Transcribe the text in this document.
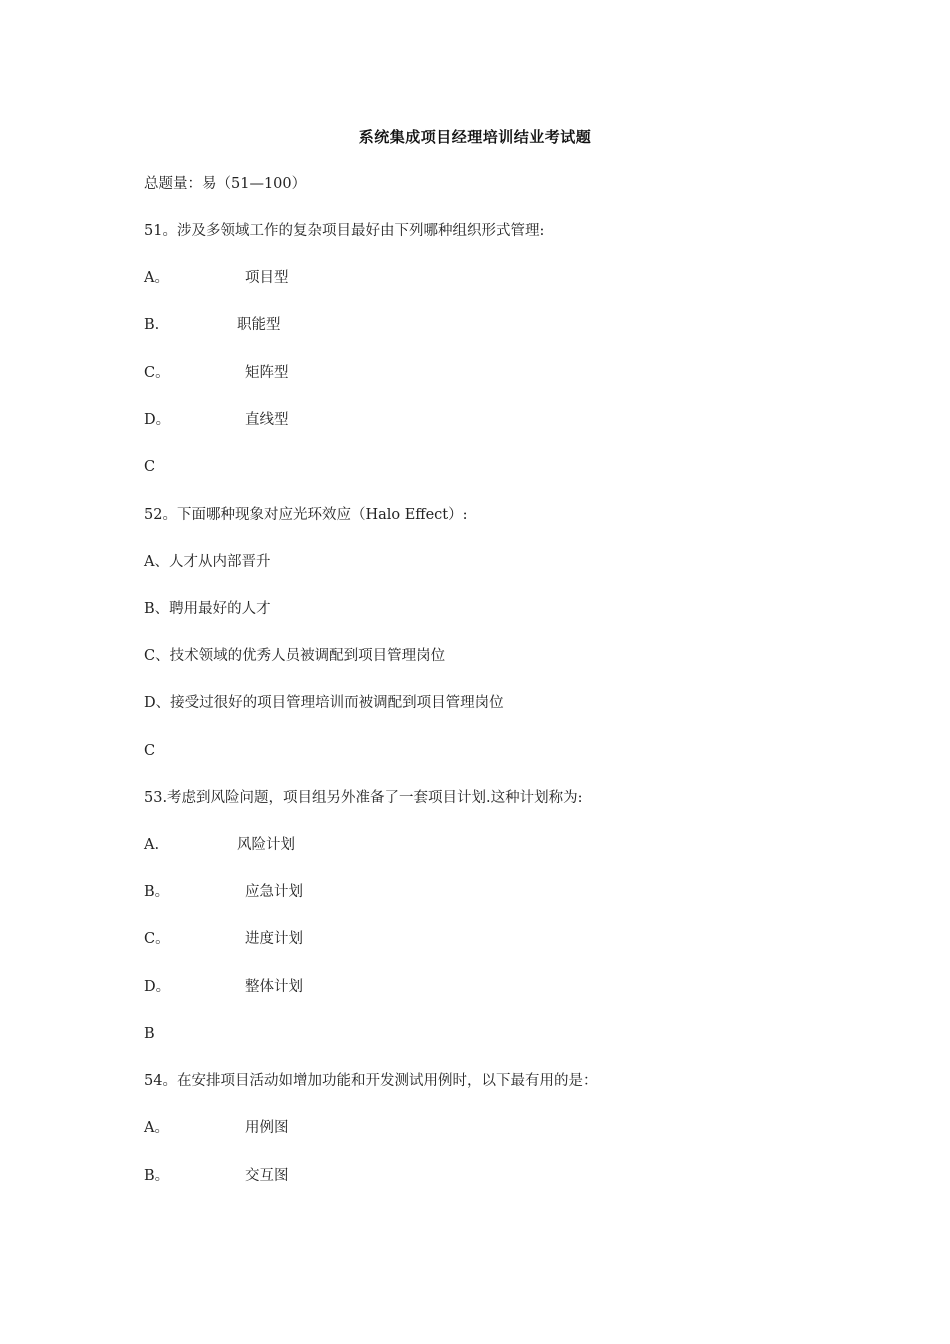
系统集成项目经理培训结业考试题
总题量：易（51—100）
51。涉及多领域工作的复杂项目最好由下列哪种组织形式管理:
A。	项目型
B.	职能型
C。	矩阵型
D。	直线型
C
52。下面哪种现象对应光环效应（Halo Effect）:
A、人才从内部晋升
B、聘用最好的人才
C、技术领域的优秀人员被调配到项目管理岗位
D、接受过很好的项目管理培训而被调配到项目管理岗位
C
53.考虑到风险问题，项目组另外准备了一套项目计划.这种计划称为:
A.	风险计划
B。	应急计划
C。	进度计划
D。	整体计划
B
54。在安排项目活动如增加功能和开发测试用例时，以下最有用的是：
A。	用例图
B。	交互图
